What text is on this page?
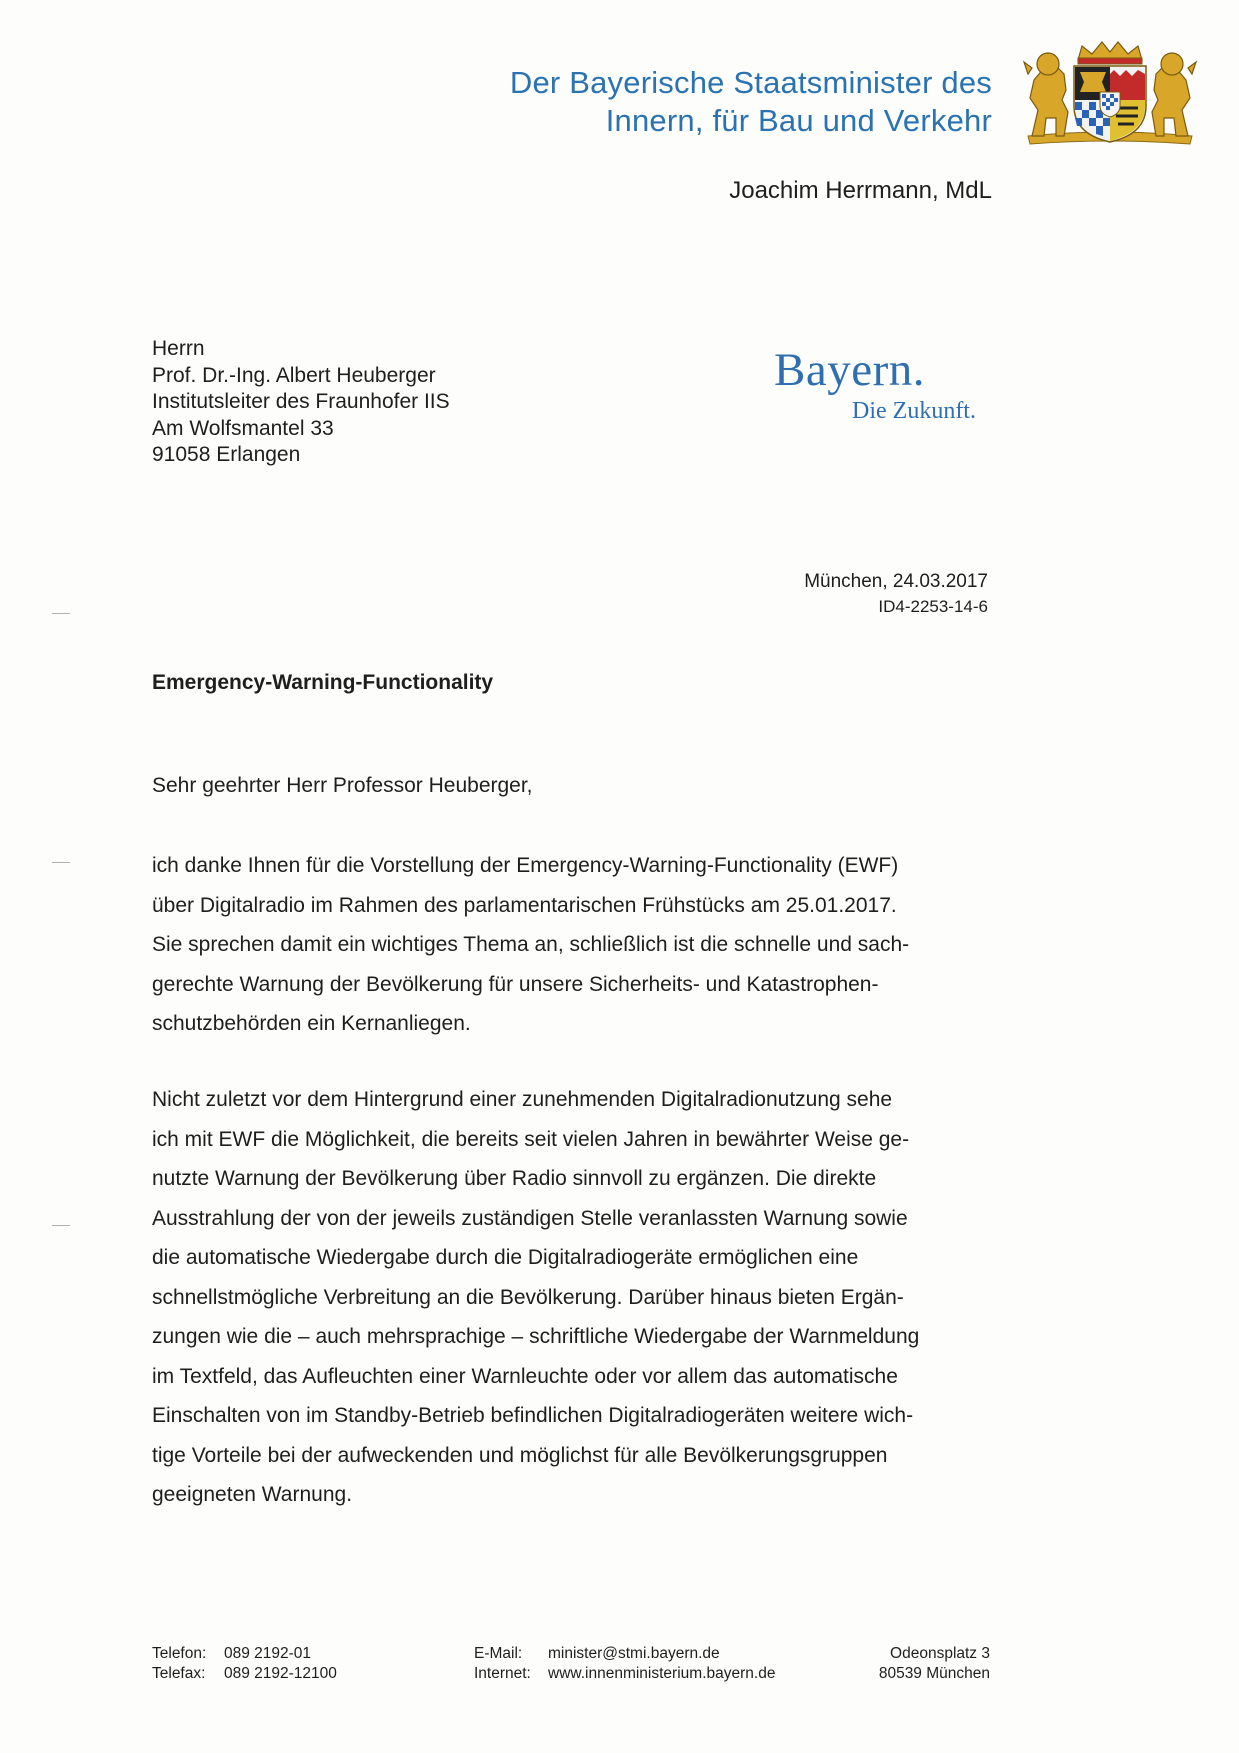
Der Bayerische Staatsminister des
Innern, für Bau und Verkehr
Joachim Herrmann, MdL
Herrn
Prof. Dr.-Ing. Albert Heuberger
Institutsleiter des Fraunhofer IIS
Am Wolfsmantel 33
91058 Erlangen
Bayern.
Die Zukunft.
München, 24.03.2017
ID4-2253-14-6
Emergency-Warning-Functionality
Sehr geehrter Herr Professor Heuberger,
ich danke Ihnen für die Vorstellung der Emergency-Warning-Functionality (EWF)
über Digitalradio im Rahmen des parlamentarischen Frühstücks am 25.01.2017.
Sie sprechen damit ein wichtiges Thema an, schließlich ist die schnelle und sach-
gerechte Warnung der Bevölkerung für unsere Sicherheits- und Katastrophen-
schutzbehörden ein Kernanliegen.
Nicht zuletzt vor dem Hintergrund einer zunehmenden Digitalradionutzung sehe
ich mit EWF die Möglichkeit, die bereits seit vielen Jahren in bewährter Weise ge-
nutzte Warnung der Bevölkerung über Radio sinnvoll zu ergänzen. Die direkte
Ausstrahlung der von der jeweils zuständigen Stelle veranlassten Warnung sowie
die automatische Wiedergabe durch die Digitalradiogeräte ermöglichen eine
schnellstmögliche Verbreitung an die Bevölkerung. Darüber hinaus bieten Ergän-
zungen wie die – auch mehrsprachige – schriftliche Wiedergabe der Warnmeldung
im Textfeld, das Aufleuchten einer Warnleuchte oder vor allem das automatische
Einschalten von im Standby-Betrieb befindlichen Digitalradiogeräten weitere wich-
tige Vorteile bei der aufweckenden und möglichst für alle Bevölkerungsgruppen
geeigneten Warnung.
Telefon: 089 2192-01
Telefax: 089 2192-12100
E-Mail: minister@stmi.bayern.de
Internet: www.innenministerium.bayern.de
Odeonsplatz 3
80539 München
